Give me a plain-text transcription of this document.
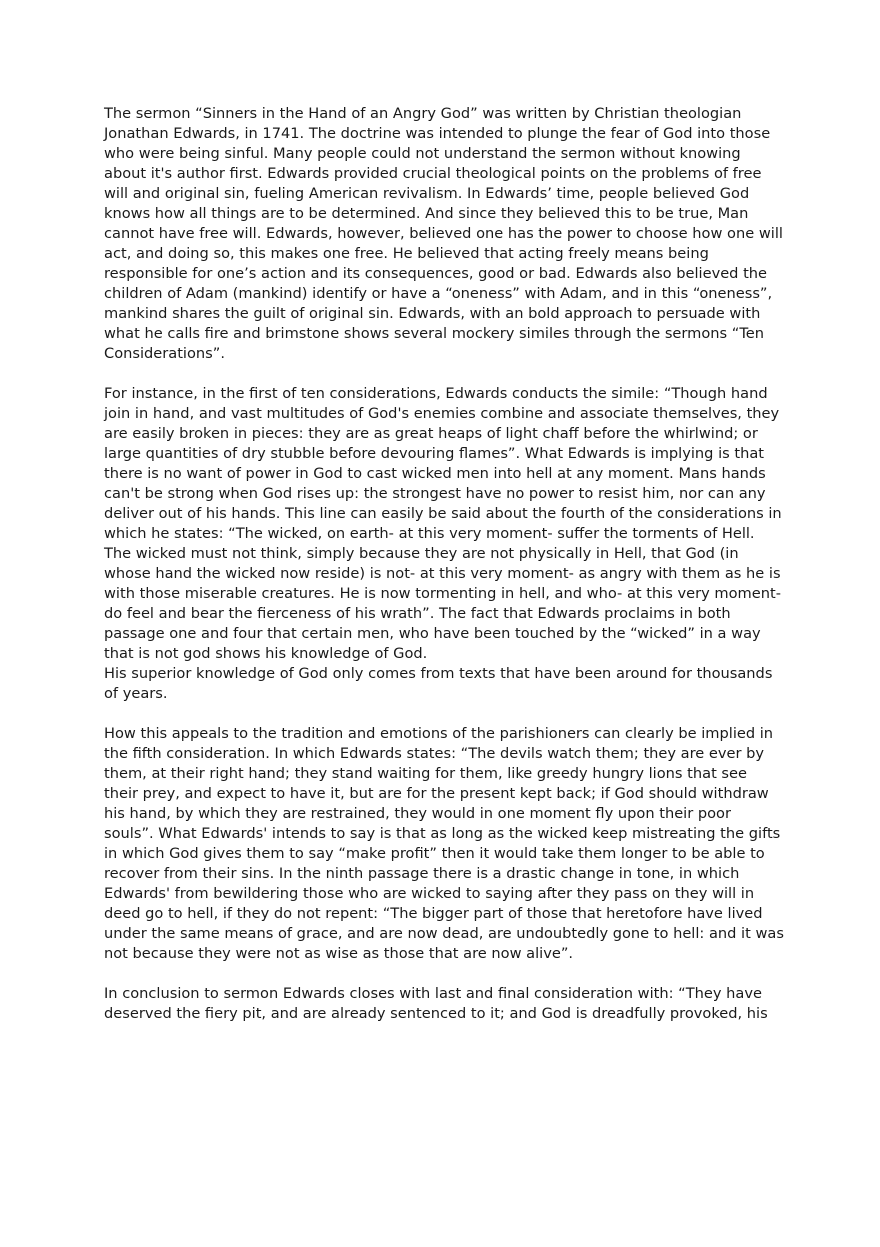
The sermon “Sinners in the Hand of an Angry God” was written by Christian theologian Jonathan Edwards, in 1741. The doctrine was intended to plunge the fear of God into those who were being sinful. Many people could not understand the sermon without knowing about it's author first. Edwards provided crucial theological points on the problems of free will and original sin, fueling American revivalism. In Edwards’ time, people believed God knows how all things are to be determined. And since they believed this to be true, Man cannot have free will. Edwards, however, believed one has the power to choose how one will act, and doing so, this makes one free. He believed that acting freely means being responsible for one’s action and its consequences, good or bad. Edwards also believed the children of Adam (mankind) identify or have a “oneness” with Adam, and in this “oneness”, mankind shares the guilt of original sin. Edwards, with an bold approach to persuade with what he calls fire and brimstone shows several mockery similes through the sermons “Ten Considerations”.

For instance, in the first of ten considerations, Edwards conducts the simile: “Though hand join in hand, and vast multitudes of God's enemies combine and associate themselves, they are easily broken in pieces: they are as great heaps of light chaff before the whirlwind; or large quantities of dry stubble before devouring flames”. What Edwards is implying is that there is no want of power in God to cast wicked men into hell at any moment. Mans hands can't be strong when God rises up: the strongest have no power to resist him, nor can any deliver out of his hands. This line can easily be said about the fourth of the considerations in which he states: “The wicked, on earth- at this very moment- suffer the torments of Hell. The wicked must not think, simply because they are not physically in Hell, that God (in whose hand the wicked now reside) is not- at this very moment- as angry with them as he is with those miserable creatures. He is now tormenting in hell, and who- at this very moment- do feel and bear the fierceness of his wrath”. The fact that Edwards proclaims in both passage one and four that certain men, who have been touched by the “wicked” in a way that is not god shows his knowledge of God.

His superior knowledge of God only comes from texts that have been around for thousands of years.

How this appeals to the tradition and emotions of the parishioners can clearly be implied in the fifth consideration. In which Edwards states: “The devils watch them; they are ever by them, at their right hand; they stand waiting for them, like greedy hungry lions that see their prey, and expect to have it, but are for the present kept back; if God should withdraw his hand, by which they are restrained, they would in one moment fly upon their poor souls”. What Edwards' intends to say is that as long as the wicked keep mistreating the gifts in which God gives them to say “make profit” then it would take them longer to be able to recover from their sins. In the ninth passage there is a drastic change in tone, in which Edwards' from bewildering those who are wicked to saying after they pass on they will in deed go to hell, if they do not repent: “The bigger part of those that heretofore have lived under the same means of grace, and are now dead, are undoubtedly gone to hell: and it was not because they were not as wise as those that are now alive”.

In conclusion to sermon Edwards closes with last and final consideration with: “They have deserved the fiery pit, and are already sentenced to it; and God is dreadfully provoked, his
